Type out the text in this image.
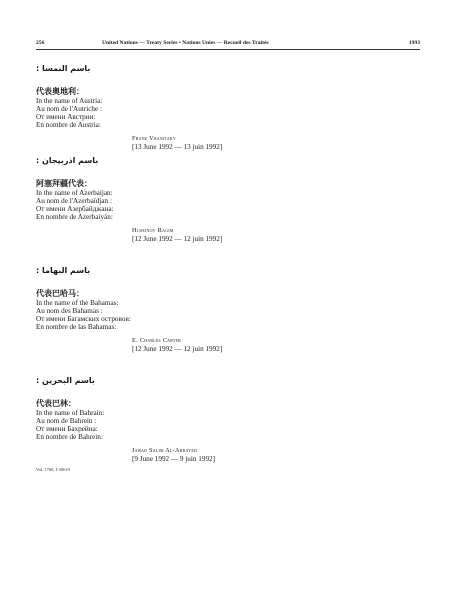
256	United Nations — Treaty Series • Nations Unies — Recueil des Traités	1993
باسم النمسا :
代表奥地利：
In the name of Austria:
Au nom de l'Autriche :
От имени Австрии:
En nombre de Austria:
Franz Vranitzky
[13 June 1992 — 13 juin 1992]
باسم اذربيجان :
阿塞拜疆代表：
In the name of Azerbaijan:
Au nom de l'Azerbaïdjan :
От имени Азербайджана:
En nombre de Azerbaiyán:
Huseinov Ragim
[12 June 1992 — 12 juin 1992]
باسم البهاما :
代表巴哈马：
In the name of the Bahamas:
Au nom des Bahamas :
От имени Багамских островов:
En nombre de las Bahamas:
E. Charles Carter
[12 June 1992 — 12 juin 1992]
باسم البحرين :
代表巴林：
In the name of Bahrain:
Au nom de Bahreïn :
От имени Бахрейна:
En nombre de Bahrein:
Jawad Salim Al-Arrayed
[9 June 1992 — 9 juin 1992]
Vol. 1760, I-30619
